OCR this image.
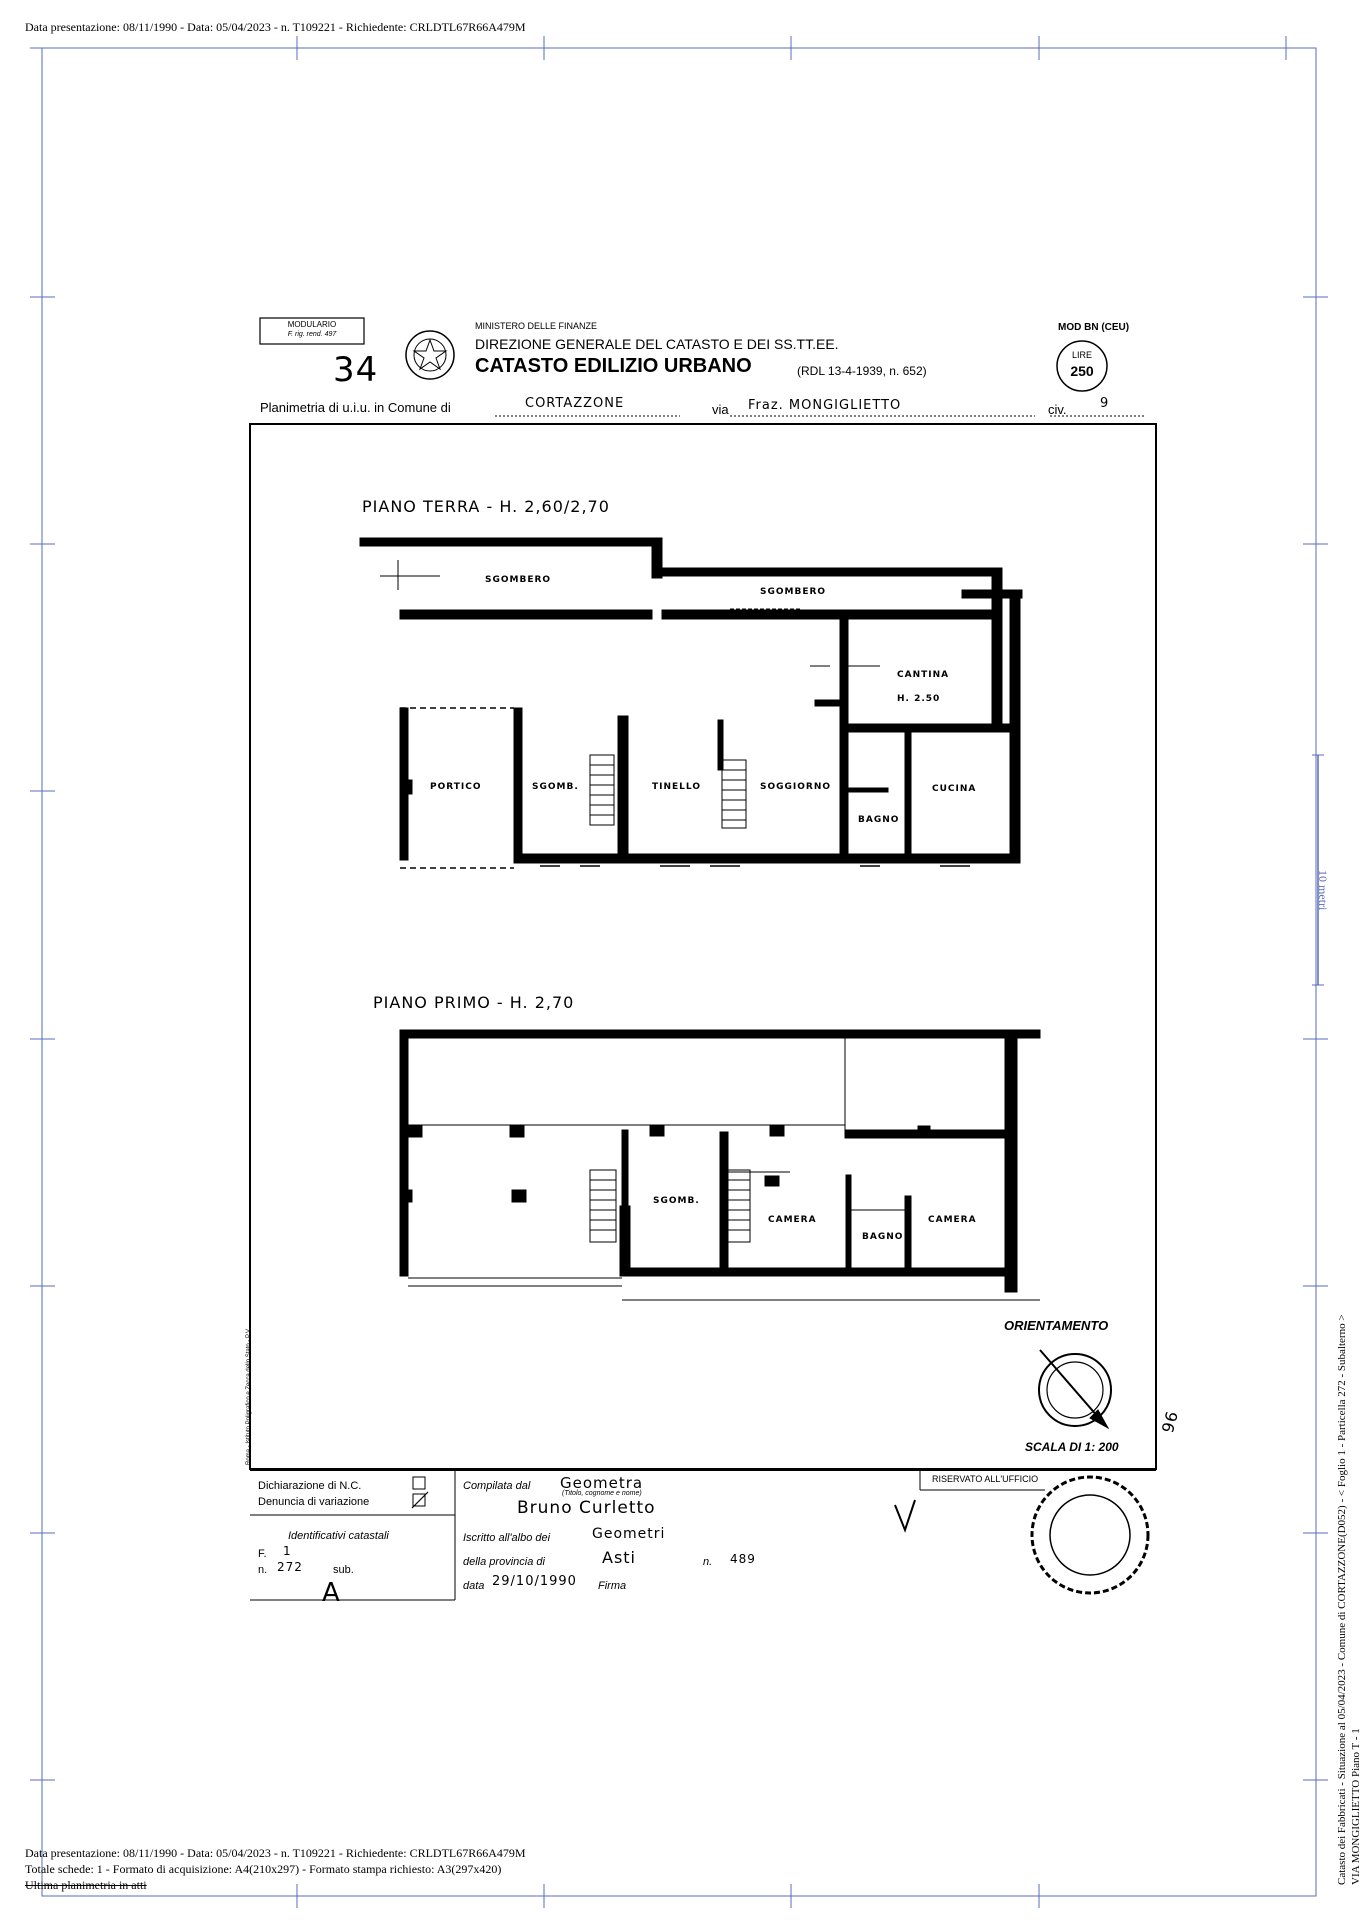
Data presentazione: 08/11/1990 - Data: 05/04/2023 - n. T109221 - Richiedente: CRLDTL67R66A479M
MODULARIO
F. rig. rend. 497
34
MINISTERO DELLE FINANZE
DIREZIONE GENERALE DEL CATASTO E DEI SS.TT.EE.
CATASTO EDILIZIO URBANO	(RDL 13-4-1939, n. 652)
MOD BN (CEU)
LIRE
250
Planimetria di u.i.u. in Comune di	CORTAZZONE	via Fraz. MONGIGLIETTO	civ.	9
PIANO TERRA - H. 2,60/2,70
PIANO PRIMO - H. 2,70
SGOMBERO
SGOMBERO
CANTINA
H. 2.50
PORTICO	SGOMB.	TINELLO	SOGGIORNO
BAGNO
CUCINA
SGOMB.
CAMERA
BAGNO
CAMERA
ORIENTAMENTO
SCALA DI 1: 200
96
Roma - Istituto Poligrafico e Zecca dello Stato - P.V.
Dichiarazione di N.C.
Denuncia di variazione
Identificativi catastali
F. 1
n. 272	sub.
A
Compilata dal Geometra
(Titolo, cognome e nome)
Bruno Curletto
Iscritto all'albo dei	Geometri
della provincia di	Asti	n. 489
data 29/10/1990 Firma
RISERVATO ALL'UFFICIO
10 metri
Data presentazione: 08/11/1990 - Data: 05/04/2023 - n. T109221 - Richiedente: CRLDTL67R66A479M
Totale schede: 1 - Formato di acquisizione: A4(210x297) - Formato stampa richiesto: A3(297x420)
Ultima planimetria in atti	Catasto dei Fabbricati - Situazione al 05/04/2023 - Comune di CORTAZZONE(D052) - < Foglio 1 - Particella 272 - Subalterno > VIA MONGIGLIETTO Piano T - 1
